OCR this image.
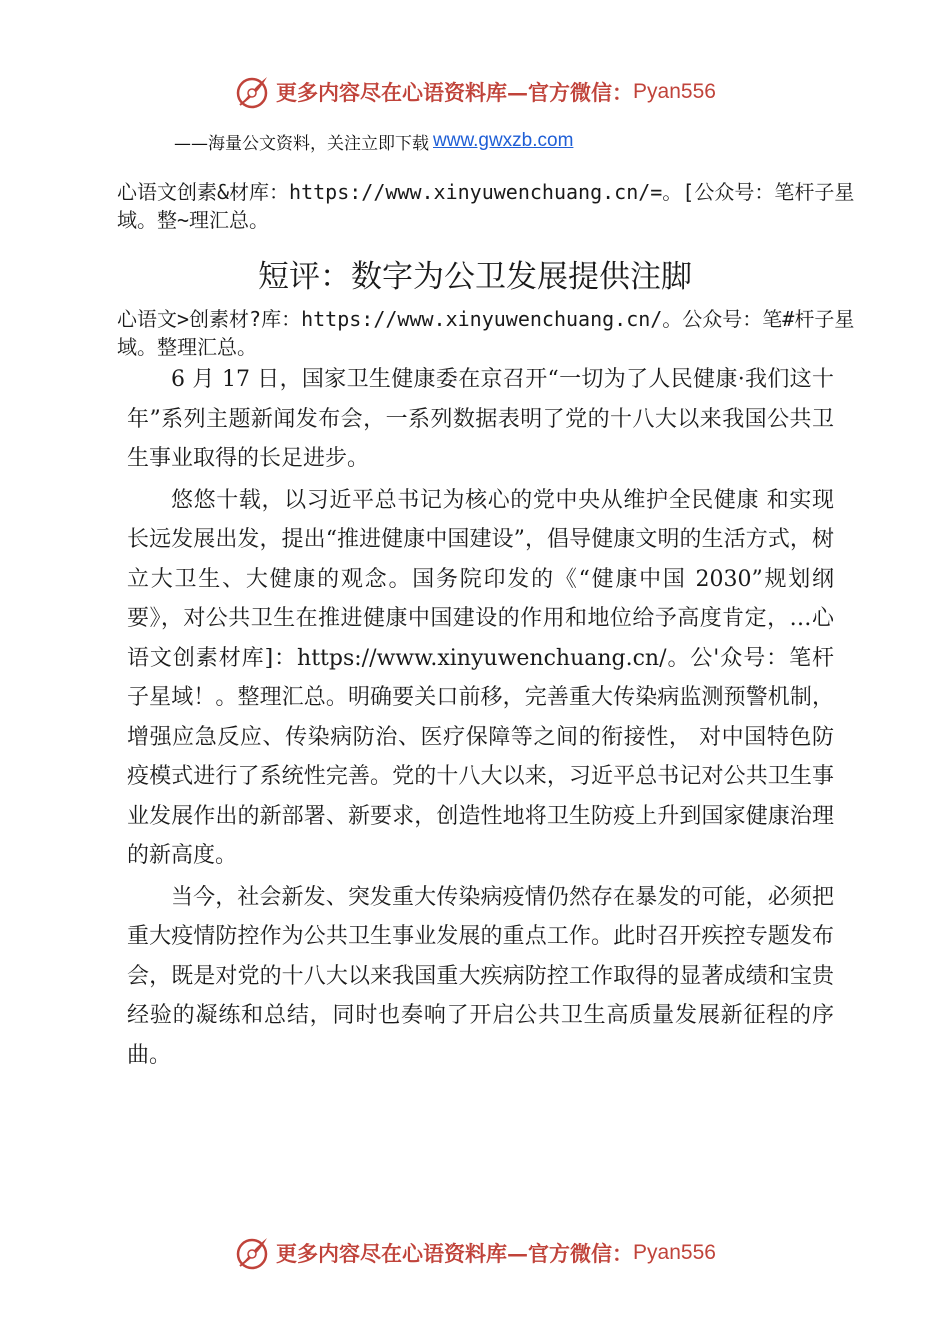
更多内容尽在心语资料库—官方微信： Pyan556
——海量公文资料，关注立即下载 www.gwxzb.com
心语文创素&材库：https://www.xinyuwenchuang.cn/=。[公众号：笔杆子星域。整~理汇总。
短评：数字为公卫发展提供注脚
心语文>创素材?库：https://www.xinyuwenchuang.cn/。公众号：笔#杆子星域。整理汇总。

6 月 17 日，国家卫生健康委在京召开“一切为了人民健康·我们这十年”系列主题新闻发布会，一系列数据表明了党的十八大以来我国公共卫生事业取得的长足进步。

悠悠十载，以习近平总书记为核心的党中央从维护全民健康 和实现长远发展出发，提出“推进健康中国建设”，倡导健康文明的生活方式，树立大卫生、大健康的观念。国务院印发的《“健康中国 2030”规划纲要》，对公共卫生在推进健康中国建设的作用和地位给予高度肯定，…心语文创素材库]：https://www.xinyuwenchuang.cn/。公'众号：笔杆子星域！。整理汇总。明确要关口前移，完善重大传染病监测预警机制，增强应急反应、传染病防治、医疗保障等之间的衔接性， 对中国特色防疫模式进行了系统性完善。党的十八大以来，习近平总书记对公共卫生事业发展作出的新部署、新要求，创造性地将卫生防疫上升到国家健康治理的新高度。

当今，社会新发、突发重大传染病疫情仍然存在暴发的可能，必须把重大疫情防控作为公共卫生事业发展的重点工作。此时召开疾控专题发布会，既是对党的十八大以来我国重大疾病防控工作取得的显著成绩和宝贵经验的凝练和总结，同时也奏响了开启公共卫生高质量发展新征程的序曲。

更多内容尽在心语资料库—官方微信： Pyan556
